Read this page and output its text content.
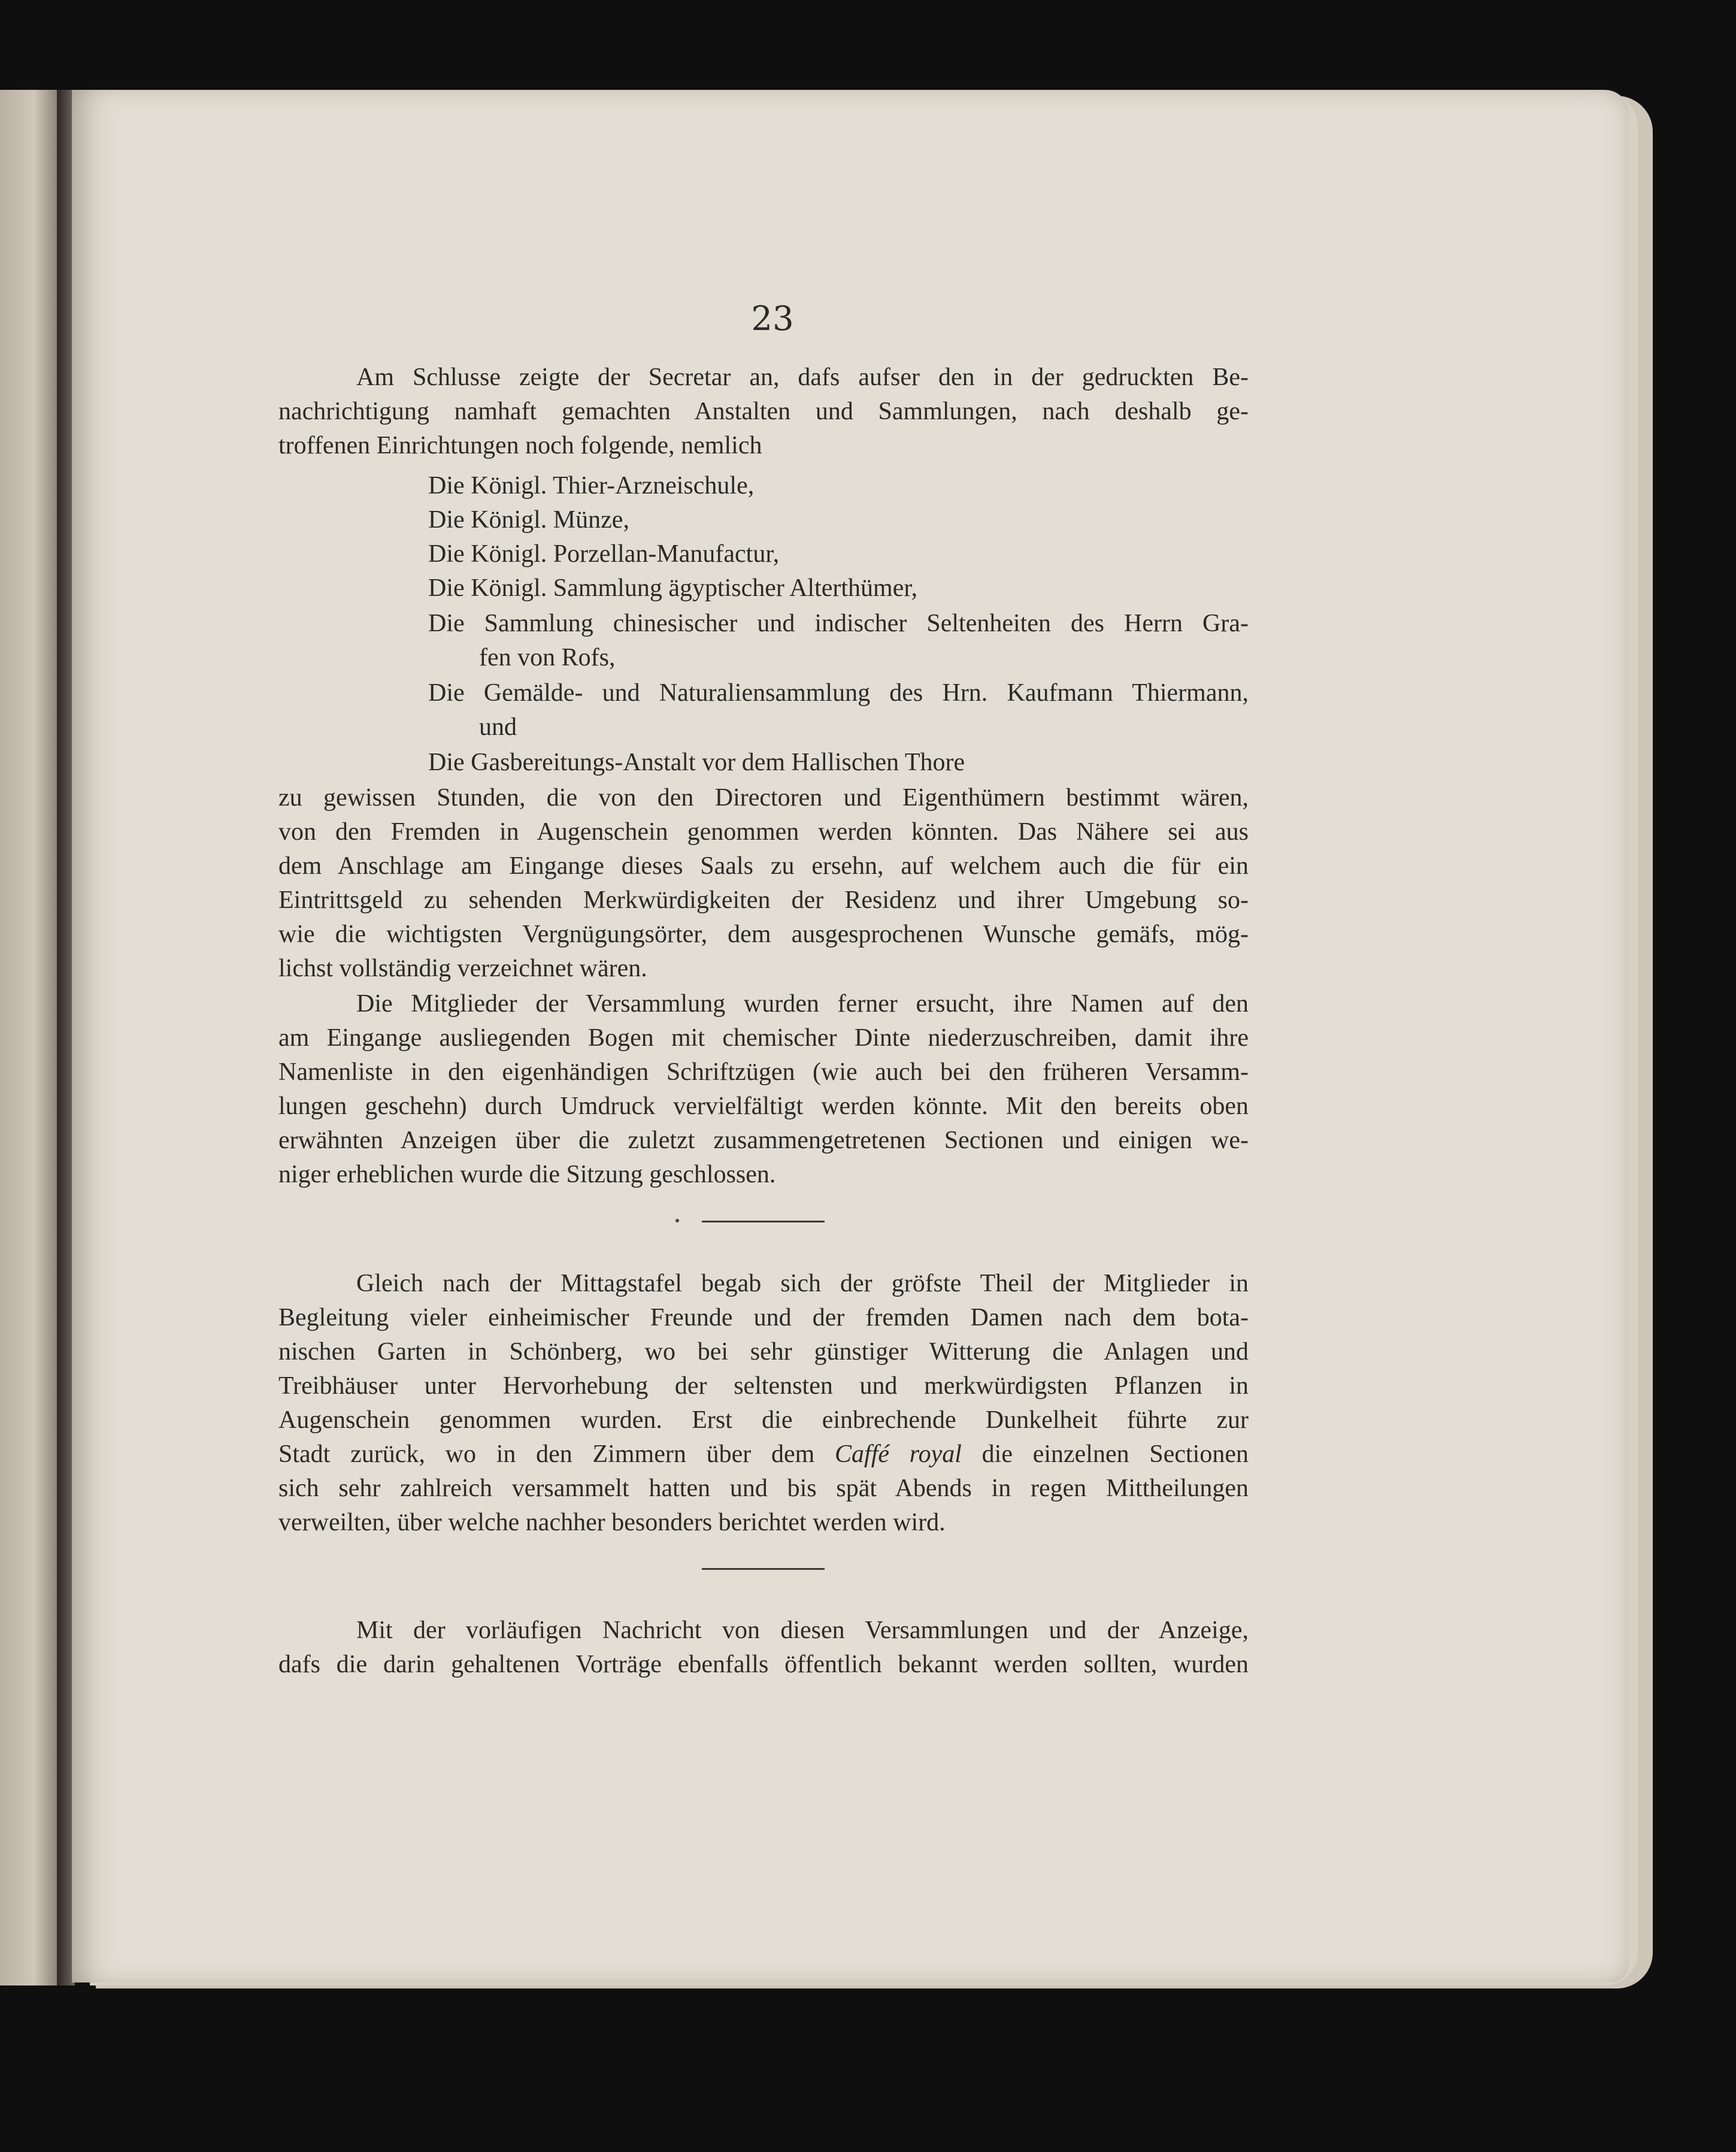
23
Am Schlusse zeigte der Secretar an, dafs aufser den in der gedruckten Be-
nachrichtigung namhaft gemachten Anstalten und Sammlungen, nach deshalb ge-
troffenen Einrichtungen noch folgende, nemlich
Die Königl. Thier-Arzneischule,
Die Königl. Münze,
Die Königl. Porzellan-Manufactur,
Die Königl. Sammlung ägyptischer Alterthümer,
Die Sammlung chinesischer und indischer Seltenheiten des Herrn Gra-
fen von Rofs,
Die Gemälde- und Naturaliensammlung des Hrn. Kaufmann Thiermann,
und
Die Gasbereitungs-Anstalt vor dem Hallischen Thore
zu gewissen Stunden, die von den Directoren und Eigenthümern bestimmt wären,
von den Fremden in Augenschein genommen werden könnten. Das Nähere sei aus
dem Anschlage am Eingange dieses Saals zu ersehn, auf welchem auch die für ein
Eintrittsgeld zu sehenden Merkwürdigkeiten der Residenz und ihrer Umgebung so-
wie die wichtigsten Vergnügungsörter, dem ausgesprochenen Wunsche gemäfs, mög-
lichst vollständig verzeichnet wären.
Die Mitglieder der Versammlung wurden ferner ersucht, ihre Namen auf den
am Eingange ausliegenden Bogen mit chemischer Dinte niederzuschreiben, damit ihre
Namenliste in den eigenhändigen Schriftzügen (wie auch bei den früheren Versamm-
lungen geschehn) durch Umdruck vervielfältigt werden könnte. Mit den bereits oben
erwähnten Anzeigen über die zuletzt zusammengetretenen Sectionen und einigen we-
niger erheblichen wurde die Sitzung geschlossen.
Gleich nach der Mittagstafel begab sich der gröfste Theil der Mitglieder in
Begleitung vieler einheimischer Freunde und der fremden Damen nach dem bota-
nischen Garten in Schönberg, wo bei sehr günstiger Witterung die Anlagen und
Treibhäuser unter Hervorhebung der seltensten und merkwürdigsten Pflanzen in
Augenschein genommen wurden. Erst die einbrechende Dunkelheit führte zur
Stadt zurück, wo in den Zimmern über dem Caffé royal die einzelnen Sectionen
sich sehr zahlreich versammelt hatten und bis spät Abends in regen Mittheilungen
verweilten, über welche nachher besonders berichtet werden wird.
Mit der vorläufigen Nachricht von diesen Versammlungen und der Anzeige,
dafs die darin gehaltenen Vorträge ebenfalls öffentlich bekannt werden sollten, wurden
